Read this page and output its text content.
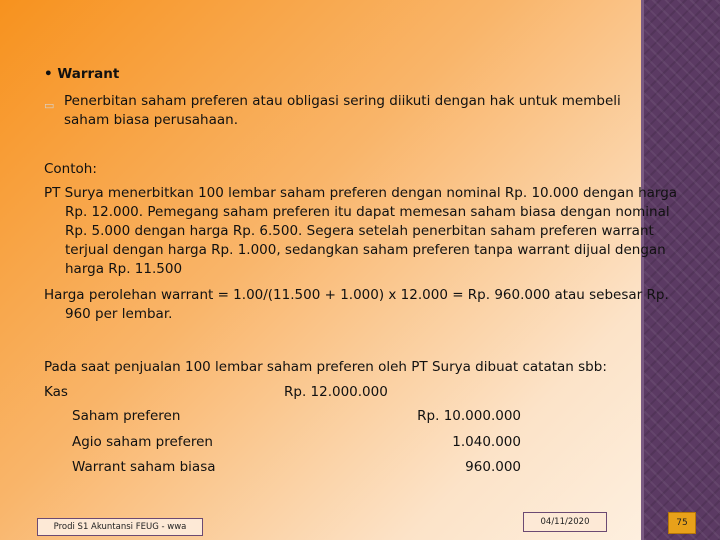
• Warrant
▭ Penerbitan saham preferen atau obligasi sering diikuti dengan hak untuk membeli saham biasa perusahaan.
Contoh:
PT Surya menerbitkan 100 lembar saham preferen dengan nominal Rp. 10.000 dengan harga Rp. 12.000. Pemegang saham preferen itu dapat memesan saham biasa dengan nominal Rp. 5.000 dengan harga Rp. 6.500. Segera setelah penerbitan saham preferen warrant terjual dengan harga Rp. 1.000, sedangkan saham preferen tanpa warrant dijual dengan harga Rp. 11.500
Harga perolehan warrant = 1.00/(11.500 + 1.000) x 12.000 = Rp. 960.000 atau sebesar Rp. 960 per lembar.
Pada saat penjualan 100 lembar saham preferen oleh PT Surya dibuat catatan sbb:
Kas	Rp. 12.000.000
Saham preferen	Rp. 10.000.000
Agio saham preferen	1.040.000
Warrant saham biasa	960.000
Prodi S1 Akuntansi FEUG - wwa	04/11/2020	75
